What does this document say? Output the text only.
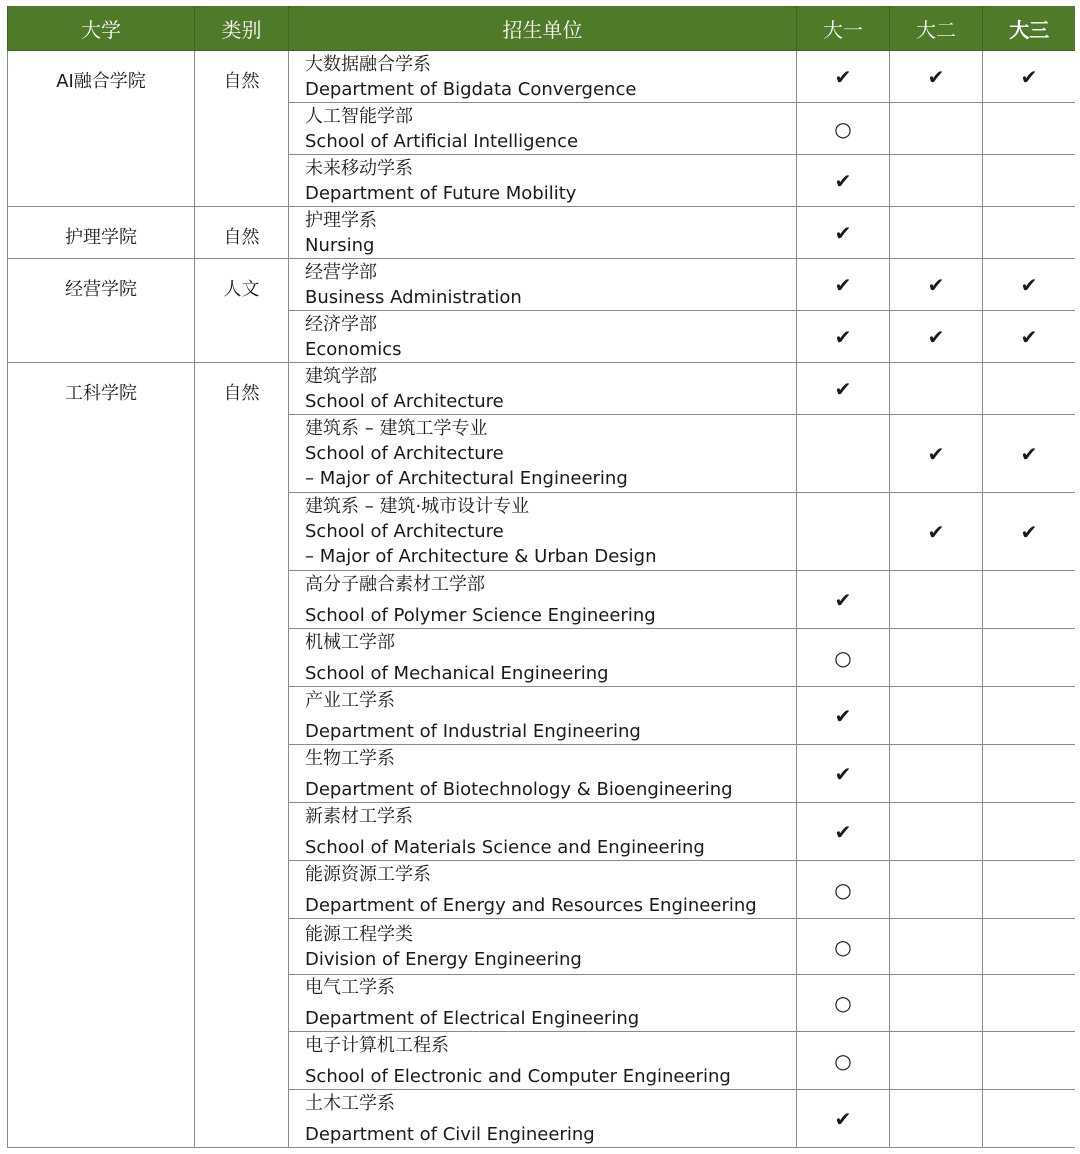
大学	类别	招生单位	大一	大二	大三
AI融合学院	自然	大数据融合学系
Department of Bigdata Convergence	✔	✔	✔

		人工智能学部
School of Artificial Intelligence	○		

		未来移动学系
Department of Future Mobility	✔		
护理学院	自然	护理学系
Nursing	✔		
经营学院	人文	经营学部
Business Administration	✔	✔	✔

		经济学部
Economics	✔	✔	✔
工科学院	自然	建筑学部
School of Architecture	✔		

		建筑系 – 建筑工学专业
School of Architecture
– Major of Architectural Engineering		✔	✔

		建筑系 – 建筑·城市设计专业
School of Architecture
– Major of Architecture & Urban Design		✔	✔

		高分子融合素材工学部
School of Polymer Science Engineering	✔		

		机械工学部
School of Mechanical Engineering	○		

		产业工学系
Department of Industrial Engineering	✔		

		生物工学系
Department of Biotechnology & Bioengineering	✔		

		新素材工学系
School of Materials Science and Engineering	✔		

		能源资源工学系
Department of Energy and Resources Engineering	○		

		能源工程学类
Division of Energy Engineering	○		

		电气工学系
Department of Electrical Engineering	○		

		电子计算机工程系
School of Electronic and Computer Engineering	○		

		土木工学系
Department of Civil Engineering	✔		
